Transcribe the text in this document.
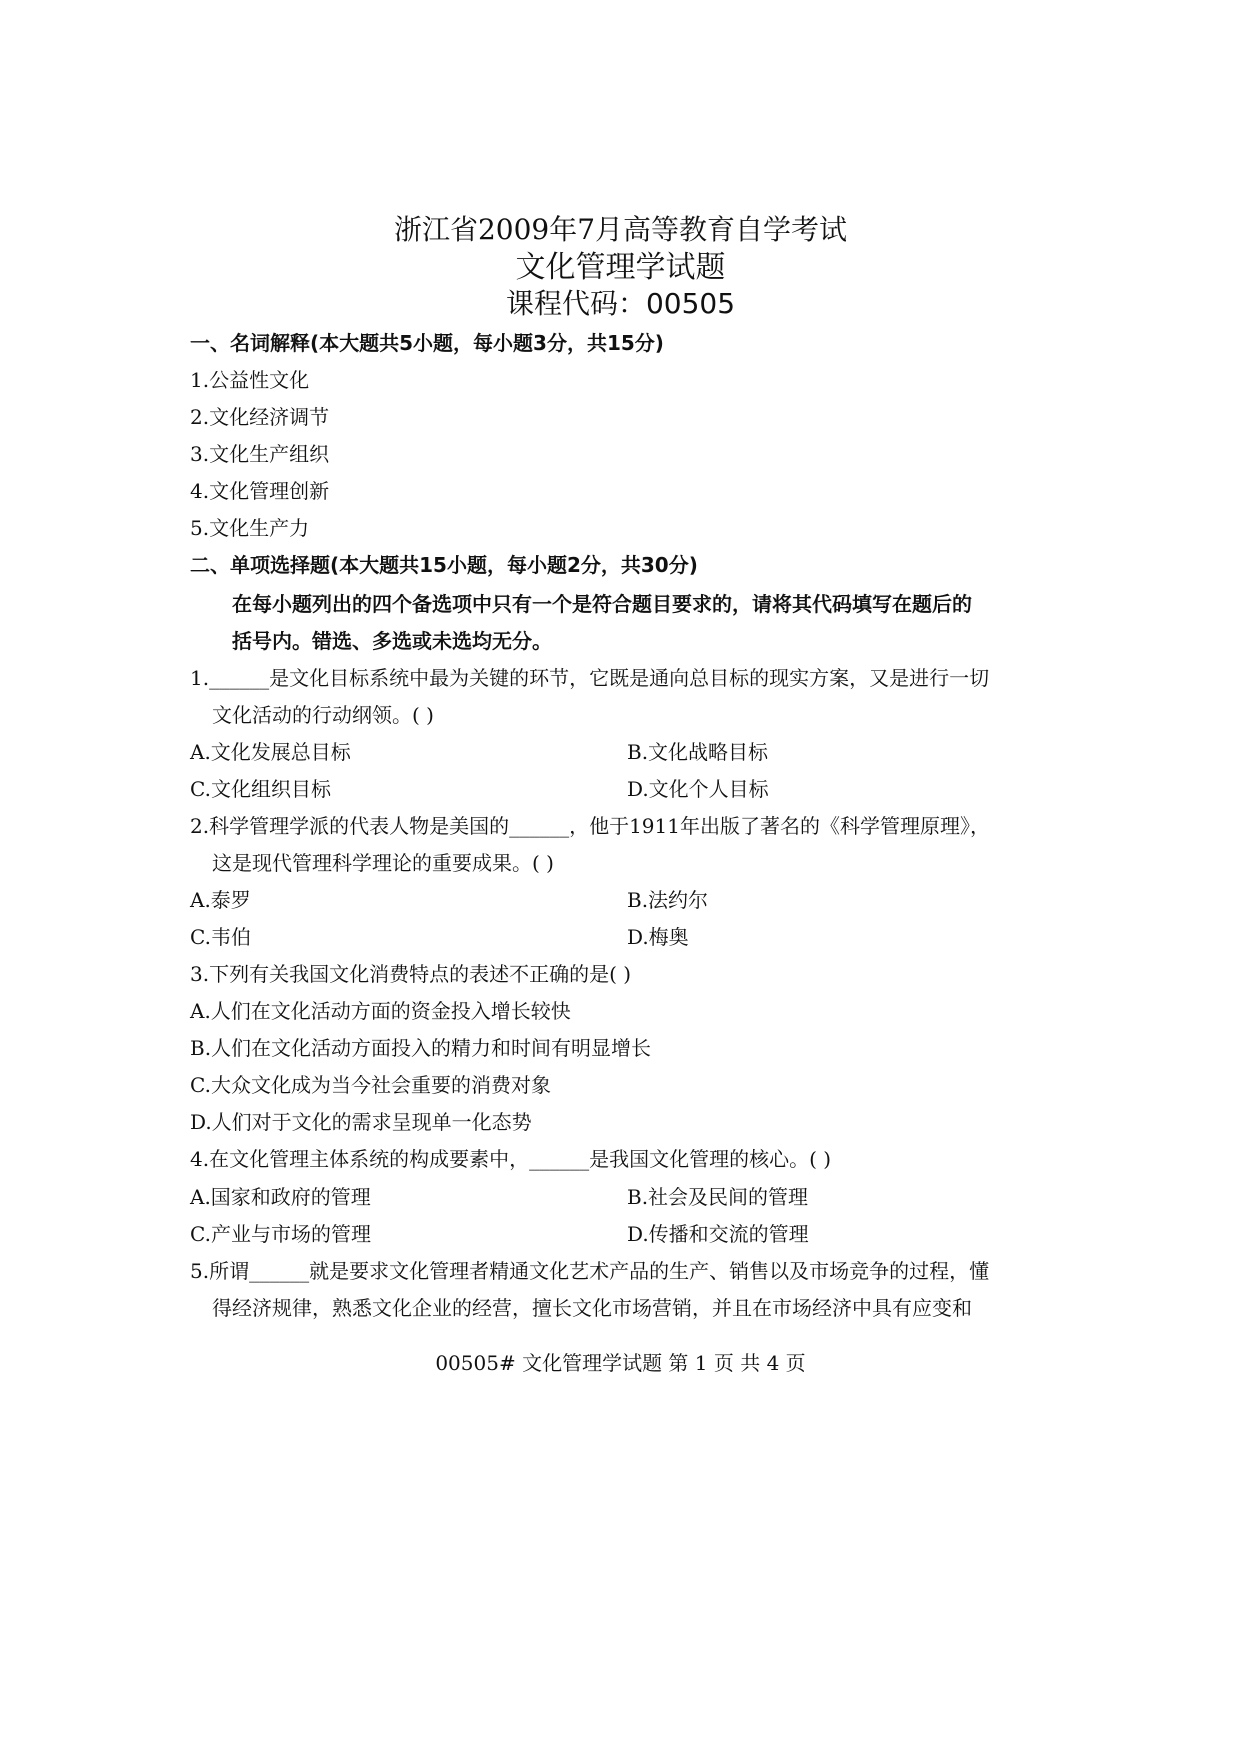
浙江省2009年7月高等教育自学考试
文化管理学试题
课程代码：00505
一、名词解释(本大题共5小题，每小题3分，共15分)
1.公益性文化
2.文化经济调节
3.文化生产组织
4.文化管理创新
5.文化生产力
二、单项选择题(本大题共15小题，每小题2分，共30分)
在每小题列出的四个备选项中只有一个是符合题目要求的，请将其代码填写在题后的
括号内。错选、多选或未选均无分。
1.______是文化目标系统中最为关键的环节，它既是通向总目标的现实方案，又是进行一切
文化活动的行动纲领。( )
A.文化发展总目标	B.文化战略目标
C.文化组织目标	D.文化个人目标
2.科学管理学派的代表人物是美国的______，他于1911年出版了著名的《科学管理原理》，
这是现代管理科学理论的重要成果。( )
A.泰罗	B.法约尔
C.韦伯	D.梅奥
3.下列有关我国文化消费特点的表述不正确的是( )
A.人们在文化活动方面的资金投入增长较快
B.人们在文化活动方面投入的精力和时间有明显增长
C.大众文化成为当今社会重要的消费对象
D.人们对于文化的需求呈现单一化态势
4.在文化管理主体系统的构成要素中，______是我国文化管理的核心。( )
A.国家和政府的管理	B.社会及民间的管理
C.产业与市场的管理	D.传播和交流的管理
5.所谓______就是要求文化管理者精通文化艺术产品的生产、销售以及市场竞争的过程，懂
得经济规律，熟悉文化企业的经营，擅长文化市场营销，并且在市场经济中具有应变和
00505# 文化管理学试题 第 1 页 共 4 页
